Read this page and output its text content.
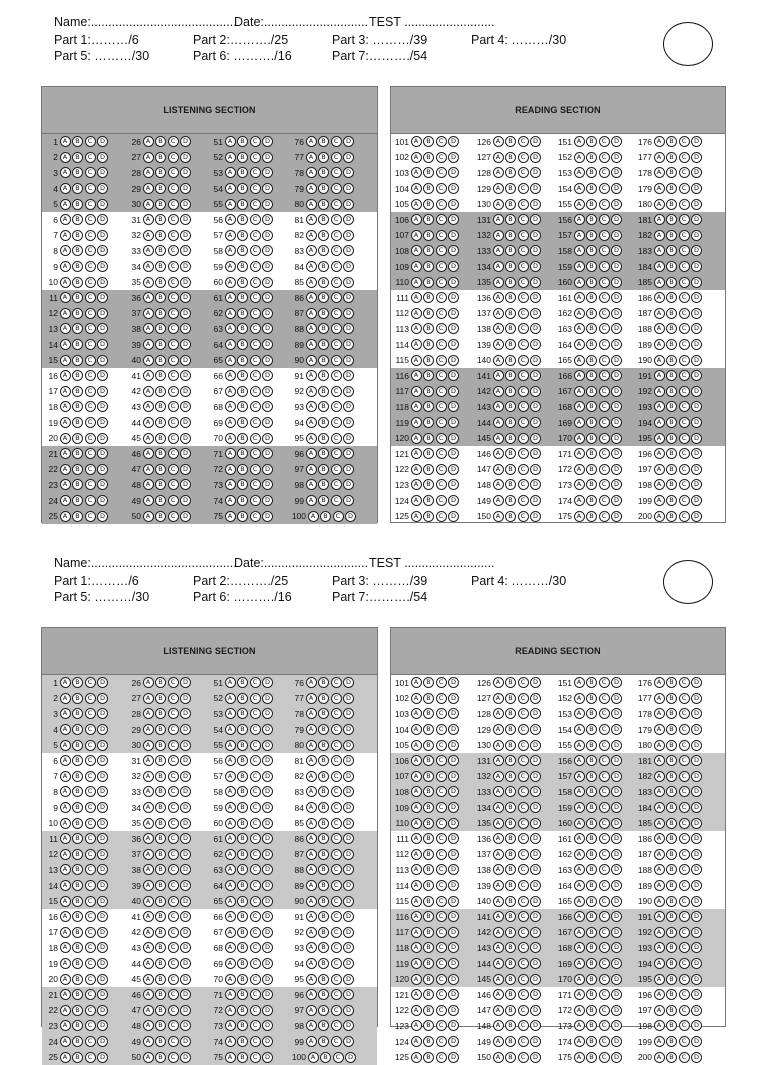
Name:..........................................
Date:.............................. TEST ..........................
Part 1:………/6	Part 2:………./25	Part 3: ………/39	Part 4: ………/30
Part 5: ………/30	Part 6: ………./16	Part 7:………./54
LISTENING SECTION
1 A	B	C	D	26 A	B	C	D	51 A	B	C	D	76 A	B	C	D
2 A	B	C	D	27 A	B	C	D	52 A	B	C	D	77 A	B	C	D
3 A	B	C	D	28 A	B	C	D	53 A	B	C	D	78 A	B	C	D
4 A	B	C	D	29 A	B	C	D	54 A	B	C	D	79 A	B	C	D
5 A	B	C	D	30 A	B	C	D	55 A	B	C	D	80 A	B	C	D
6 A	B	C	D	31 A	B	C	D	56 A	B	C	D	81 A	B	C	D
7 A	B	C	D	32 A	B	C	D	57 A	B	C	D	82 A	B	C	D
8 A	B	C	D	33 A	B	C	D	58 A	B	C	D	83 A	B	C	D
9 A	B	C	D	34 A	B	C	D	59 A	B	C	D	84 A	B	C	D
10 A	B	C	D	35 A	B	C	D	60 A	B	C	D	85 A	B	C	D
11 A	B	C	D	36 A	B	C	D	61 A	B	C	D	86 A	B	C	D
12 A	B	C	D	37 A	B	C	D	62 A	B	C	D	87 A	B	C	D
13 A	B	C	D	38 A	B	C	D	63 A	B	C	D	88 A	B	C	D
14 A	B	C	D	39 A	B	C	D	64 A	B	C	D	89 A	B	C	D
15 A	B	C	D	40 A	B	C	D	65 A	B	C	D	90 A	B	C	D
16 A	B	C	D	41 A	B	C	D	66 A	B	C	D	91 A	B	C	D
17 A	B	C	D	42 A	B	C	D	67 A	B	C	D	92 A	B	C	D
18 A	B	C	D	43 A	B	C	D	68 A	B	C	D	93 A	B	C	D
19 A	B	C	D	44 A	B	C	D	69 A	B	C	D	94 A	B	C	D
20 A	B	C	D	45 A	B	C	D	70 A	B	C	D	95 A	B	C	D
21 A	B	C	D	46 A	B	C	D	71 A	B	C	D	96 A	B	C	D
22 A	B	C	D	47 A	B	C	D	72 A	B	C	D	97 A	B	C	D
23 A	B	C	D	48 A	B	C	D	73 A	B	C	D	98 A	B	C	D
24 A	B	C	D	49 A	B	C	D	74 A	B	C	D	99 A	B	C	D
25 A	B	C	D	50 A	B	C	D	75 A	B	C	D	100 A	B	C	D
READING SECTION
101 A	B	C	D	126 A	B	C	D	151 A	B	C	D	176 A	B	C	D
102 A	B	C	D	127 A	B	C	D	152 A	B	C	D	177 A	B	C	D
103 A	B	C	D	128 A	B	C	D	153 A	B	C	D	178 A	B	C	D
104 A	B	C	D	129 A	B	C	D	154 A	B	C	D	179 A	B	C	D
105 A	B	C	D	130 A	B	C	D	155 A	B	C	D	180 A	B	C	D
106 A	B	C	D	131 A	B	C	D	156 A	B	C	D	181 A	B	C	D
107 A	B	C	D	132 A	B	C	D	157 A	B	C	D	182 A	B	C	D
108 A	B	C	D	133 A	B	C	D	158 A	B	C	D	183 A	B	C	D
109 A	B	C	D	134 A	B	C	D	159 A	B	C	D	184 A	B	C	D
110 A	B	C	D	135 A	B	C	D	160 A	B	C	D	185 A	B	C	D
111 A	B	C	D	136 A	B	C	D	161 A	B	C	D	186 A	B	C	D
112 A	B	C	D	137 A	B	C	D	162 A	B	C	D	187 A	B	C	D
113 A	B	C	D	138 A	B	C	D	163 A	B	C	D	188 A	B	C	D
114 A	B	C	D	139 A	B	C	D	164 A	B	C	D	189 A	B	C	D
115 A	B	C	D	140 A	B	C	D	165 A	B	C	D	190 A	B	C	D
116 A	B	C	D	141 A	B	C	D	166 A	B	C	D	191 A	B	C	D
117 A	B	C	D	142 A	B	C	D	167 A	B	C	D	192 A	B	C	D
118 A	B	C	D	143 A	B	C	D	168 A	B	C	D	193 A	B	C	D
119 A	B	C	D	144 A	B	C	D	169 A	B	C	D	194 A	B	C	D
120 A	B	C	D	145 A	B	C	D	170 A	B	C	D	195 A	B	C	D
121 A	B	C	D	146 A	B	C	D	171 A	B	C	D	196 A	B	C	D
122 A	B	C	D	147 A	B	C	D	172 A	B	C	D	197 A	B	C	D
123 A	B	C	D	148 A	B	C	D	173 A	B	C	D	198 A	B	C	D
124 A	B	C	D	149 A	B	C	D	174 A	B	C	D	199 A	B	C	D
125 A	B	C	D	150 A	B	C	D	175 A	B	C	D	200 A	B	C	D
Name:..........................................
Date:.............................. TEST ..........................
Part 1:………/6	Part 2:………./25	Part 3: ………/39	Part 4: ………/30
Part 5: ………/30	Part 6: ………./16	Part 7:………./54
LISTENING SECTION
1 A	B	C	D	26 A	B	C	D	51 A	B	C	D	76 A	B	C	D
2 A	B	C	D	27 A	B	C	D	52 A	B	C	D	77 A	B	C	D
3 A	B	C	D	28 A	B	C	D	53 A	B	C	D	78 A	B	C	D
4 A	B	C	D	29 A	B	C	D	54 A	B	C	D	79 A	B	C	D
5 A	B	C	D	30 A	B	C	D	55 A	B	C	D	80 A	B	C	D
6 A	B	C	D	31 A	B	C	D	56 A	B	C	D	81 A	B	C	D
7 A	B	C	D	32 A	B	C	D	57 A	B	C	D	82 A	B	C	D
8 A	B	C	D	33 A	B	C	D	58 A	B	C	D	83 A	B	C	D
9 A	B	C	D	34 A	B	C	D	59 A	B	C	D	84 A	B	C	D
10 A	B	C	D	35 A	B	C	D	60 A	B	C	D	85 A	B	C	D
11 A	B	C	D	36 A	B	C	D	61 A	B	C	D	86 A	B	C	D
12 A	B	C	D	37 A	B	C	D	62 A	B	C	D	87 A	B	C	D
13 A	B	C	D	38 A	B	C	D	63 A	B	C	D	88 A	B	C	D
14 A	B	C	D	39 A	B	C	D	64 A	B	C	D	89 A	B	C	D
15 A	B	C	D	40 A	B	C	D	65 A	B	C	D	90 A	B	C	D
16 A	B	C	D	41 A	B	C	D	66 A	B	C	D	91 A	B	C	D
17 A	B	C	D	42 A	B	C	D	67 A	B	C	D	92 A	B	C	D
18 A	B	C	D	43 A	B	C	D	68 A	B	C	D	93 A	B	C	D
19 A	B	C	D	44 A	B	C	D	69 A	B	C	D	94 A	B	C	D
20 A	B	C	D	45 A	B	C	D	70 A	B	C	D	95 A	B	C	D
21 A	B	C	D	46 A	B	C	D	71 A	B	C	D	96 A	B	C	D
22 A	B	C	D	47 A	B	C	D	72 A	B	C	D	97 A	B	C	D
23 A	B	C	D	48 A	B	C	D	73 A	B	C	D	98 A	B	C	D
24 A	B	C	D	49 A	B	C	D	74 A	B	C	D	99 A	B	C	D
25 A	B	C	D	50 A	B	C	D	75 A	B	C	D	100 A	B	C	D
READING SECTION
101 A	B	C	D	126 A	B	C	D	151 A	B	C	D	176 A	B	C	D
102 A	B	C	D	127 A	B	C	D	152 A	B	C	D	177 A	B	C	D
103 A	B	C	D	128 A	B	C	D	153 A	B	C	D	178 A	B	C	D
104 A	B	C	D	129 A	B	C	D	154 A	B	C	D	179 A	B	C	D
105 A	B	C	D	130 A	B	C	D	155 A	B	C	D	180 A	B	C	D
106 A	B	C	D	131 A	B	C	D	156 A	B	C	D	181 A	B	C	D
107 A	B	C	D	132 A	B	C	D	157 A	B	C	D	182 A	B	C	D
108 A	B	C	D	133 A	B	C	D	158 A	B	C	D	183 A	B	C	D
109 A	B	C	D	134 A	B	C	D	159 A	B	C	D	184 A	B	C	D
110 A	B	C	D	135 A	B	C	D	160 A	B	C	D	185 A	B	C	D
111 A	B	C	D	136 A	B	C	D	161 A	B	C	D	186 A	B	C	D
112 A	B	C	D	137 A	B	C	D	162 A	B	C	D	187 A	B	C	D
113 A	B	C	D	138 A	B	C	D	163 A	B	C	D	188 A	B	C	D
114 A	B	C	D	139 A	B	C	D	164 A	B	C	D	189 A	B	C	D
115 A	B	C	D	140 A	B	C	D	165 A	B	C	D	190 A	B	C	D
116 A	B	C	D	141 A	B	C	D	166 A	B	C	D	191 A	B	C	D
117 A	B	C	D	142 A	B	C	D	167 A	B	C	D	192 A	B	C	D
118 A	B	C	D	143 A	B	C	D	168 A	B	C	D	193 A	B	C	D
119 A	B	C	D	144 A	B	C	D	169 A	B	C	D	194 A	B	C	D
120 A	B	C	D	145 A	B	C	D	170 A	B	C	D	195 A	B	C	D
121 A	B	C	D	146 A	B	C	D	171 A	B	C	D	196 A	B	C	D
122 A	B	C	D	147 A	B	C	D	172 A	B	C	D	197 A	B	C	D
123 A	B	C	D	148 A	B	C	D	173 A	B	C	D	198 A	B	C	D
124 A	B	C	D	149 A	B	C	D	174 A	B	C	D	199 A	B	C	D
125 A	B	C	D	150 A	B	C	D	175 A	B	C	D	200 A	B	C	D
